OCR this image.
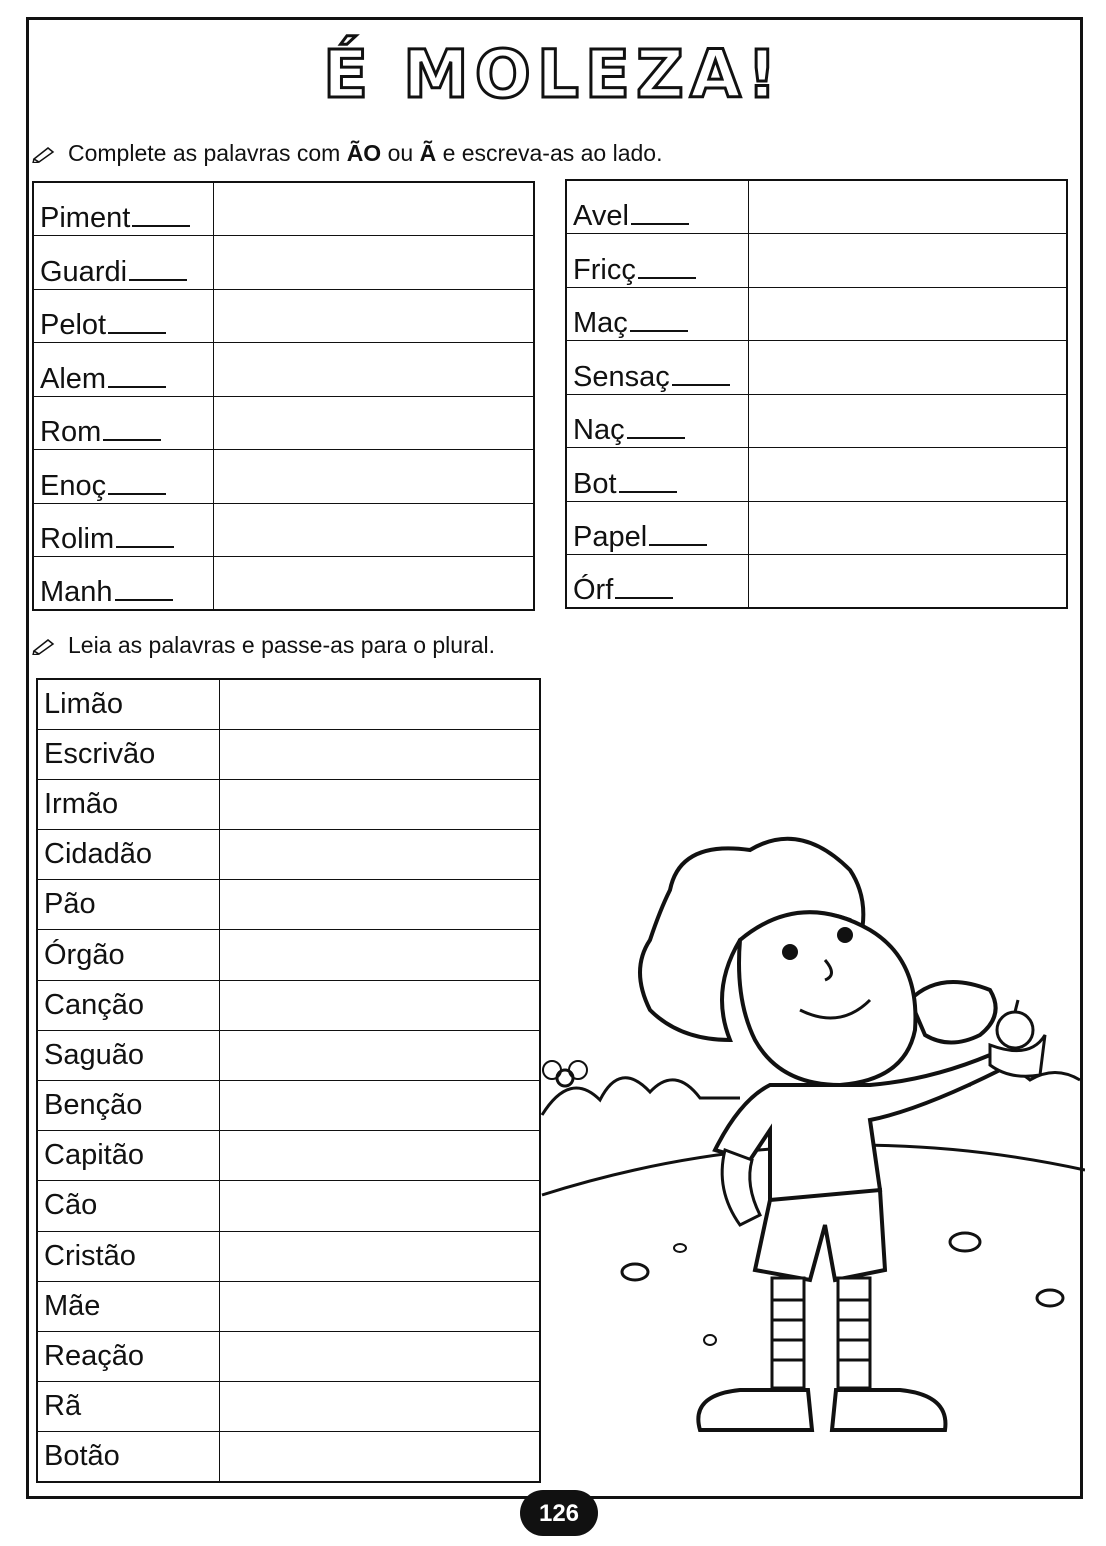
É MOLEZA!
Complete as palavras com ÃO ou Ã e escreva-as ao lado.
Piment	
Guardi	
Pelot	
Alem	
Rom	
Enoç	
Rolim	
Manh	
Avel	
Fricç	
Maç	
Sensaç	
Naç	
Bot	
Papel	
Órf	
Leia as palavras e passe-as para o plural.
Limão	
Escrivão	
Irmão	
Cidadão	
Pão	
Órgão	
Canção	
Saguão	
Benção	
Capitão	
Cão	
Cristão	
Mãe	
Reação	
Rã	
Botão	
126
